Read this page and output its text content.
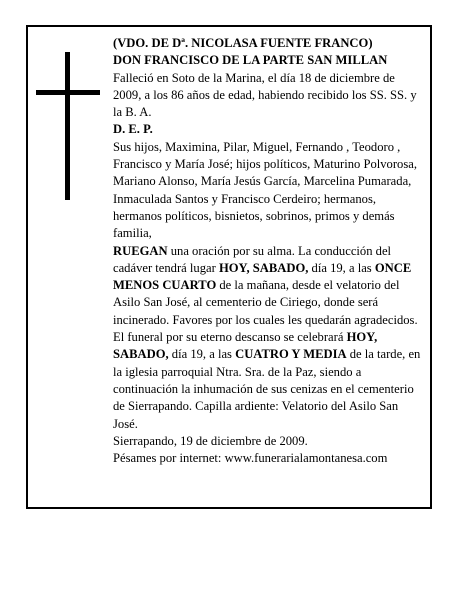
(VDO. DE Dª. NICOLASA FUENTE FRANCO)

DON FRANCISCO DE LA PARTE SAN MILLAN

Falleció en Soto de la Marina, el día 18 de diciembre de 2009, a los 86 años de edad, habiendo recibido los SS. SS. y la B. A.

D. E. P.

Sus hijos, Maximina, Pilar, Miguel, Fernando , Teodoro , Francisco y María José; hijos políticos, Maturino Polvorosa, Mariano Alonso, María Jesús García, Marcelina Pumarada, Inmaculada Santos y Francisco Cerdeiro; hermanos, hermanos políticos, bisnietos, sobrinos, primos y demás familia,

RUEGAN una oración por su alma. La conducción del cadáver tendrá lugar HOY, SABADO, día 19, a las ONCE MENOS CUARTO de la mañana, desde el velatorio del Asilo San José, al cementerio de Ciriego, donde será incinerado. Favores por los cuales les quedarán agradecidos. El funeral por su eterno descanso se celebrará HOY, SABADO, día 19, a las CUATRO Y MEDIA de la tarde, en la iglesia parroquial Ntra. Sra. de la Paz, siendo a continuación la inhumación de sus cenizas en el cementerio de Sierrapando. Capilla ardiente: Velatorio del Asilo San José.

Sierrapando, 19 de diciembre de 2009.

Pésames por internet: www.funerarialamontanesa.com
